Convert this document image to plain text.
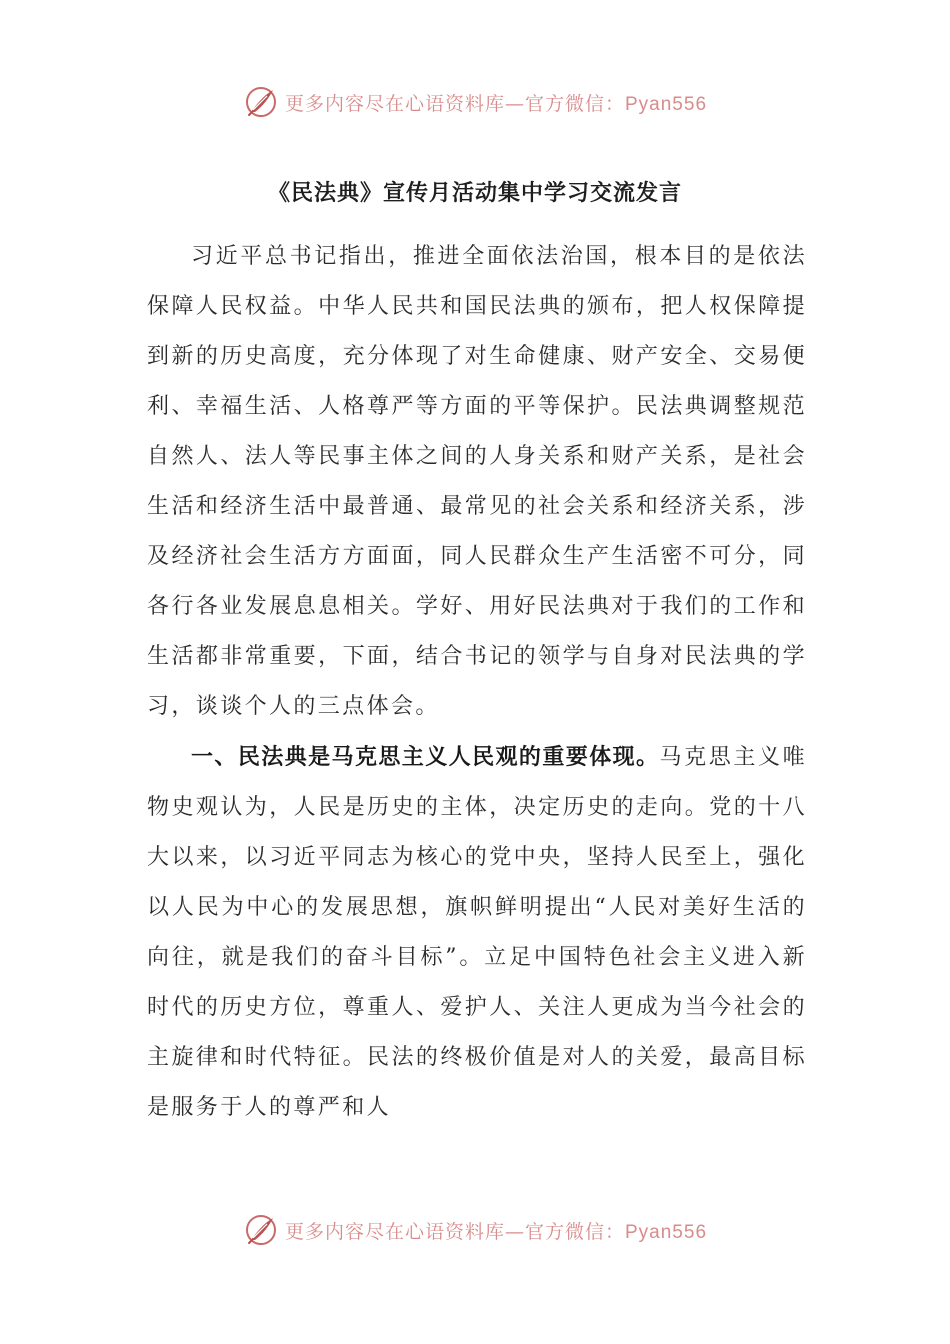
更多内容尽在心语资料库—官方微信：Pyan556
《民法典》宣传月活动集中学习交流发言

习近平总书记指出，推进全面依法治国，根本目的是依法保障人民权益。中华人民共和国民法典的颁布，把人权保障提到新的历史高度，充分体现了对生命健康、财产安全、交易便利、幸福生活、人格尊严等方面的平等保护。民法典调整规范自然人、法人等民事主体之间的人身关系和财产关系，是社会生活和经济生活中最普通、最常见的社会关系和经济关系，涉及经济社会生活方方面面，同人民群众生产生活密不可分，同各行各业发展息息相关。学好、用好民法典对于我们的工作和生活都非常重要，下面，结合书记的领学与自身对民法典的学习，谈谈个人的三点体会。

一、民法典是马克思主义人民观的重要体现。马克思主义唯物史观认为，人民是历史的主体，决定历史的走向。党的十八大以来，以习近平同志为核心的党中央，坚持人民至上，强化以人民为中心的发展思想，旗帜鲜明提出“人民对美好生活的向往，就是我们的奋斗目标”。立足中国特色社会主义进入新时代的历史方位，尊重人、爱护人、关注人更成为当今社会的主旋律和时代特征。民法的终极价值是对人的关爱，最高目标是服务于人的尊严和人

更多内容尽在心语资料库—官方微信：Pyan556
